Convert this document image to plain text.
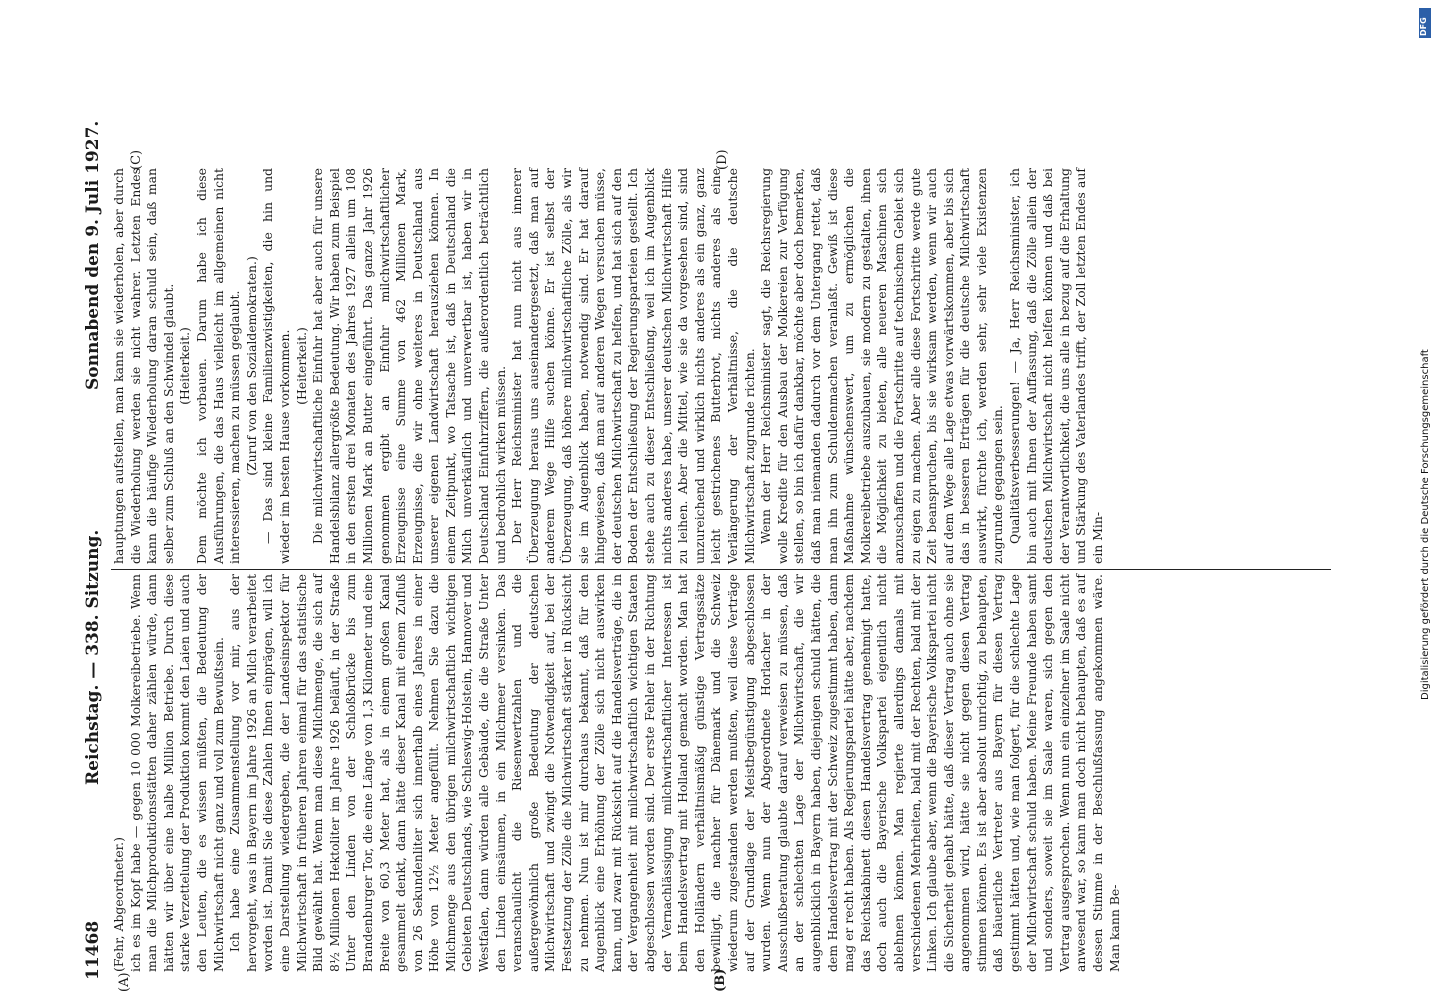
11468
Reichstag. — 338. Sitzung.
Sonnabend den 9. Juli 1927.

(Fehr, Abgeordneter.) ich es im Kopf habe — gegen 10 000 Molkereibetriebe. Wenn man die Milchproduktionsstätten daher zählen würde, dann hätten wir über eine halbe Million Betriebe. Durch diese starke Verzettelung der Produktion kommt den Laien und auch den Leuten, die es wissen müßten, die Bedeutung der Milchwirtschaft nicht ganz und voll zum Bewußtsein. Ich habe eine Zusammenstellung vor mir, aus der hervorgeht, was in Bayern im Jahre 1926 an Milch verarbeitet worden ist. Damit Sie diese Zahlen Ihnen einprägen, will ich eine Darstellung wiedergeben, die der Landesinspektor für Milchwirtschaft in früheren Jahren einmal für das statistische Bild gewählt hat. Wenn man diese Milchmenge, die sich auf 8½ Millionen Hektoliter im Jahre 1926 beläuft, in der Straße Unter den Linden von der Schloßbrücke bis zum Brandenburger Tor, die eine Länge von 1,3 Kilometer und eine Breite von 60,3 Meter hat, als in einem großen Kanal gesammelt denkt, dann hätte dieser Kanal mit einem Zufluß von 26 Sekundenliter sich innerhalb eines Jahres in einer Höhe von 12½ Meter angefüllt. Nehmen Sie dazu die Milchmenge aus den übrigen milchwirtschaftlich wichtigen Gebieten Deutschlands, wie Schleswig-Holstein, Hannover und Westfalen, dann würden alle Gebäude, die die Straße Unter den Linden einsäumen, in ein Milchmeer versinken. Das veranschaulicht die Riesenwertzahlen und die außergewöhnlich große Bedeutung der deutschen Milchwirtschaft und zwingt die Notwendigkeit auf, bei der Festsetzung der Zölle die Milchwirtschaft stärker in Rücksicht zu nehmen. Nun ist mir durchaus bekannt, daß für den Augenblick eine Erhöhung der Zölle sich nicht auswirken kann, und zwar mit Rücksicht auf die Handelsverträge, die in der Vergangenheit mit milchwirtschaftlich wichtigen Staaten abgeschlossen worden sind. Der erste Fehler in der Richtung der Vernachlässigung milchwirtschaftlicher Interessen ist beim Handelsvertrag mit Holland gemacht worden. Man hat den Holländern verhältnismäßig günstige Vertragssätze bewilligt, die nachher für Dänemark und die Schweiz wiederum zugestanden werden mußten, weil diese Verträge auf der Grundlage der Meistbegünstigung abgeschlossen wurden. Wenn nun der Abgeordnete Horlacher in der Ausschußberatung glaubte darauf verweisen zu müssen, daß an der schlechten Lage der Milchwirtschaft, die wir augenblicklich in Bayern haben, diejenigen schuld hätten, die dem Handelsvertrag mit der Schweiz zugestimmt haben, dann mag er recht haben. Als Regierungspartei hätte aber, nachdem das Reichskabinett diesen Handelsvertrag genehmigt hatte, doch auch die Bayerische Volkspartei eigentlich nicht ablehnen können. Man regierte allerdings damals mit verschiedenen Mehrheiten, bald mit der Rechten, bald mit der Linken. Ich glaube aber, wenn die Bayerische Volkspartei nicht die Sicherheit gehabt hätte, daß dieser Vertrag auch ohne sie angenommen wird, hätte sie nicht gegen diesen Vertrag stimmen können. Es ist aber absolut unrichtig, zu behaupten, daß bäuerliche Vertreter aus Bayern für diesen Vertrag gestimmt hätten und, wie man folgert, für die schlechte Lage der Milchwirtschaft schuld haben. Meine Freunde haben samt und sonders, soweit sie im Saale waren, sich gegen den Vertrag ausgesprochen. Wenn nun ein einzelner im Saale nicht anwesend war, so kann man doch nicht behaupten, daß es auf dessen Stimme in der Beschlußfassung angekommen wäre. Man kann Be-

hauptungen aufstellen, man kann sie wiederholen, aber durch die Wiederholung werden sie nicht wahrer. Letzten Endes kann die häufige Wiederholung daran schuld sein, daß man selber zum Schluß an den Schwindel glaubt. (Heiterkeit.) Dem möchte ich vorbauen. Darum habe ich diese Ausführungen, die das Haus vielleicht im allgemeinen nicht interessieren, machen zu müssen geglaubt. (Zuruf von den Sozialdemokraten.) — Das sind kleine Familienzwistigkeiten, die hin und wieder im besten Hause vorkommen. (Heiterkeit.) Die milchwirtschaftliche Einfuhr hat aber auch für unsere Handelsbilanz allergrößte Bedeutung. Wir haben zum Beispiel in den ersten drei Monaten des Jahres 1927 allein um 108 Millionen Mark an Butter eingeführt. Das ganze Jahr 1926 genommen ergibt an Einfuhr milchwirtschaftlicher Erzeugnisse eine Summe von 462 Millionen Mark, Erzeugnisse, die wir ohne weiteres in Deutschland aus unserer eigenen Landwirtschaft herausziehen können. In einem Zeitpunkt, wo Tatsache ist, daß in Deutschland die Milch unverkäuflich und unverwertbar ist, haben wir in Deutschland Einfuhrziffern, die außerordentlich beträchtlich und bedrohlich wirken müssen. Der Herr Reichsminister hat nun nicht aus innerer Überzeugung heraus uns auseinandergesetzt, daß man auf anderem Wege Hilfe suchen könne. Er ist selbst der Überzeugung, daß höhere milchwirtschaftliche Zölle, als wir sie im Augenblick haben, notwendig sind. Er hat darauf hingewiesen, daß man auf anderen Wegen versuchen müsse, der deutschen Milchwirtschaft zu helfen, und hat sich auf den Boden der Entschließung der Regierungsparteien gestellt. Ich stehe auch zu dieser Entschließung, weil ich im Augenblick nichts anderes habe, unserer deutschen Milchwirtschaft Hilfe zu leihen. Aber die Mittel, wie sie da vorgesehen sind, sind unzureichend und wirklich nichts anderes als ein ganz, ganz leicht gestrichenes Butterbrot, nichts anderes als eine Verlängerung der Verhältnisse, die die deutsche Milchwirtschaft zugrunde richten. Wenn der Herr Reichsminister sagt, die Reichsregierung wolle Kredite für den Ausbau der Molkereien zur Verfügung stellen, so bin ich dafür dankbar, möchte aber doch bemerken, daß man niemanden dadurch vor dem Untergang rettet, daß man ihn zum Schuldenmachen veranlaßt. Gewiß ist diese Maßnahme wünschenswert, um zu ermöglichen die Molkereibetriebe auszubauen, sie modern zu gestalten, ihnen die Möglichkeit zu bieten, alle neueren Maschinen sich anzuschaffen und die Fortschritte auf technischem Gebiet sich zu eigen zu machen. Aber alle diese Fortschritte werde gute Zeit beanspruchen, bis sie wirksam werden, wenn wir auch auf dem Wege alle Lage etwas vorwärtskommen, aber bis sich das in besseren Erträgen für die deutsche Milchwirtschaft auswirkt, fürchte ich, werden sehr, sehr viele Existenzen zugrunde gegangen sein. Qualitätsverbesserungen! — Ja, Herr Reichsminister, ich bin auch mit Ihnen der Auffassung, daß die Zölle allein der deutschen Milchwirtschaft nicht helfen können und daß bei der Verantwortlichkeit, die uns alle in bezug auf die Erhaltung und Stärkung des Vaterlandes trifft, der Zoll letzten Endes auf ein Min-

(A)	(B)
(C)	(D)
Digitalisierung gefördert durch die Deutsche Forschungsgemeinschaft
DFG
